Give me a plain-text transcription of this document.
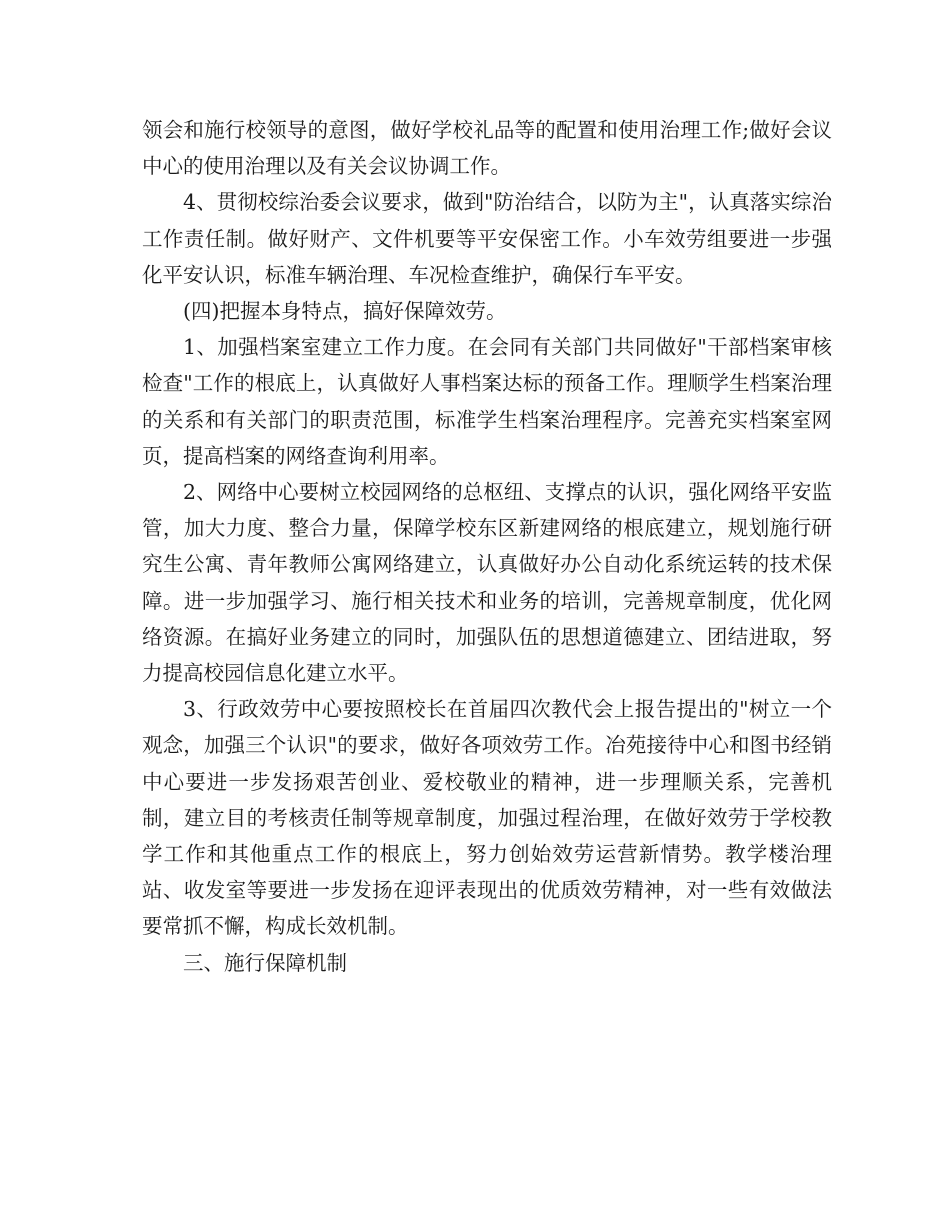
领会和施行校领导的意图，做好学校礼品等的配置和使用治理工作;做好会议中心的使用治理以及有关会议协调工作。

4、贯彻校综治委会议要求，做到"防治结合，以防为主"，认真落实综治工作责任制。做好财产、文件机要等平安保密工作。小车效劳组要进一步强化平安认识，标准车辆治理、车况检查维护，确保行车平安。

(四)把握本身特点，搞好保障效劳。

1、加强档案室建立工作力度。在会同有关部门共同做好"干部档案审核检查"工作的根底上，认真做好人事档案达标的预备工作。理顺学生档案治理的关系和有关部门的职责范围，标准学生档案治理程序。完善充实档案室网页，提高档案的网络查询利用率。

2、网络中心要树立校园网络的总枢纽、支撑点的认识，强化网络平安监管，加大力度、整合力量，保障学校东区新建网络的根底建立，规划施行研究生公寓、青年教师公寓网络建立，认真做好办公自动化系统运转的技术保障。进一步加强学习、施行相关技术和业务的培训，完善规章制度，优化网络资源。在搞好业务建立的同时，加强队伍的思想道德建立、团结进取，努力提高校园信息化建立水平。

3、行政效劳中心要按照校长在首届四次教代会上报告提出的"树立一个观念，加强三个认识"的要求，做好各项效劳工作。冶苑接待中心和图书经销中心要进一步发扬艰苦创业、爱校敬业的精神，进一步理顺关系，完善机制，建立目的考核责任制等规章制度，加强过程治理，在做好效劳于学校教学工作和其他重点工作的根底上，努力创始效劳运营新情势。教学楼治理站、收发室等要进一步发扬在迎评表现出的优质效劳精神，对一些有效做法要常抓不懈，构成长效机制。

三、施行保障机制
